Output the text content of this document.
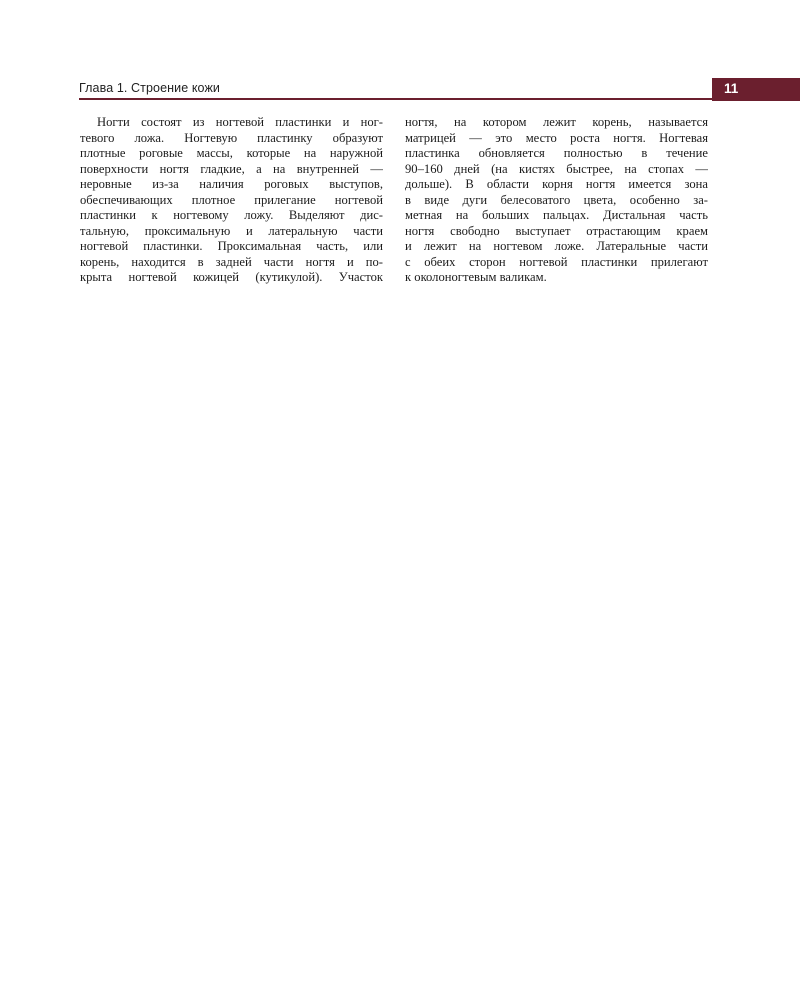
Глава 1. Строение кожи	11
Ногти состоят из ногтевой пластинки и ног-
тевого ложа. Ногтевую пластинку образуют
плотные роговые массы, которые на наружной
поверхности ногтя гладкие, а на внутренней —
неровные из-за наличия роговых выступов,
обеспечивающих плотное прилегание ногтевой
пластинки к ногтевому ложу. Выделяют дис-
тальную, проксимальную и латеральную части
ногтевой пластинки. Проксимальная часть, или
корень, находится в задней части ногтя и по-
крыта ногтевой кожицей (кутикулой). Участок
ногтя, на котором лежит корень, называется
матрицей — это место роста ногтя. Ногтевая
пластинка обновляется полностью в течение
90–160 дней (на кистях быстрее, на стопах —
дольше). В области корня ногтя имеется зона
в виде дуги белесоватого цвета, особенно за-
метная на больших пальцах. Дистальная часть
ногтя свободно выступает отрастающим краем
и лежит на ногтевом ложе. Латеральные части
с обеих сторон ногтевой пластинки прилегают
к околоногтевым валикам.
